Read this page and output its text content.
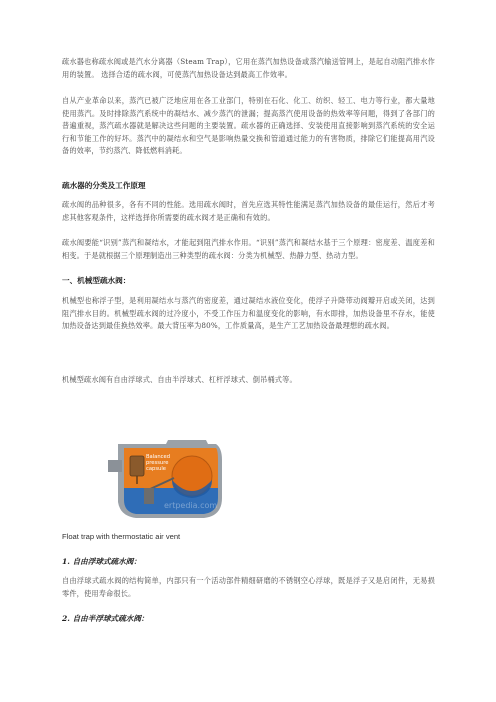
疏水器也称疏水阀或是汽水分离器（Steam Trap），它用在蒸汽加热设备或蒸汽输送管网上，是起自动阻汽排水作用的装置。 选择合适的疏水阀，可使蒸汽加热设备达到最高工作效率。

自从产业革命以来，蒸汽已被广泛地应用在各工业部门，特别在石化、化工、纺织、轻工、电力等行业，都大量地使用蒸汽。及时排除蒸汽系统中的凝结水、减少蒸汽的泄漏；提高蒸汽使用设备的热效率等问题，得到了各部门的普遍重视，蒸汽疏水器就是解决这些问题的主要装置。疏水器的正确选择、安装使用直接影响到蒸汽系统的安全运行和节能工作的好坏。蒸汽中的凝结水和空气是影响热量交换和管道通过能力的有害物质，排除它们能提高用汽设备的效率，节约蒸汽、降低燃料消耗。

疏水器的分类及工作原理

疏水阀的品种很多，各有不同的性能。选用疏水阀时，首先应选其特性能满足蒸汽加热设备的最佳运行，然后才考虑其他客观条件，这样选择你所需要的疏水阀才是正确和有效的。

疏水阀要能“识别”蒸汽和凝结水，才能起到阻汽排水作用。“识别”蒸汽和凝结水基于三个原理：密度差、温度差和相变。于是就根据三个原理制造出三种类型的疏水阀：分类为机械型、热静力型、热动力型。

一、机械型疏水阀：

机械型也称浮子型，是利用凝结水与蒸汽的密度差，通过凝结水液位变化，使浮子升降带动阀瓣开启或关闭，达到阻汽排水目的。机械型疏水阀的过冷度小，不受工作压力和温度变化的影响，有水即排，加热设备里不存水，能使加热设备达到最佳换热效率。最大背压率为80%，工作质量高，是生产工艺加热设备最理想的疏水阀。

机械型疏水阀有自由浮球式、自由半浮球式、杠杆浮球式、倒吊桶式等。

Balanced
pressure
capsule
ertpedia.com

Float trap with thermostatic air vent

1. 自由浮球式疏水阀：

自由浮球式疏水阀的结构简单，内部只有一个活动部件精细研磨的不锈钢空心浮球，既是浮子又是启闭件，无易损零件，使用寿命很长。

2. 自由半浮球式疏水阀：
